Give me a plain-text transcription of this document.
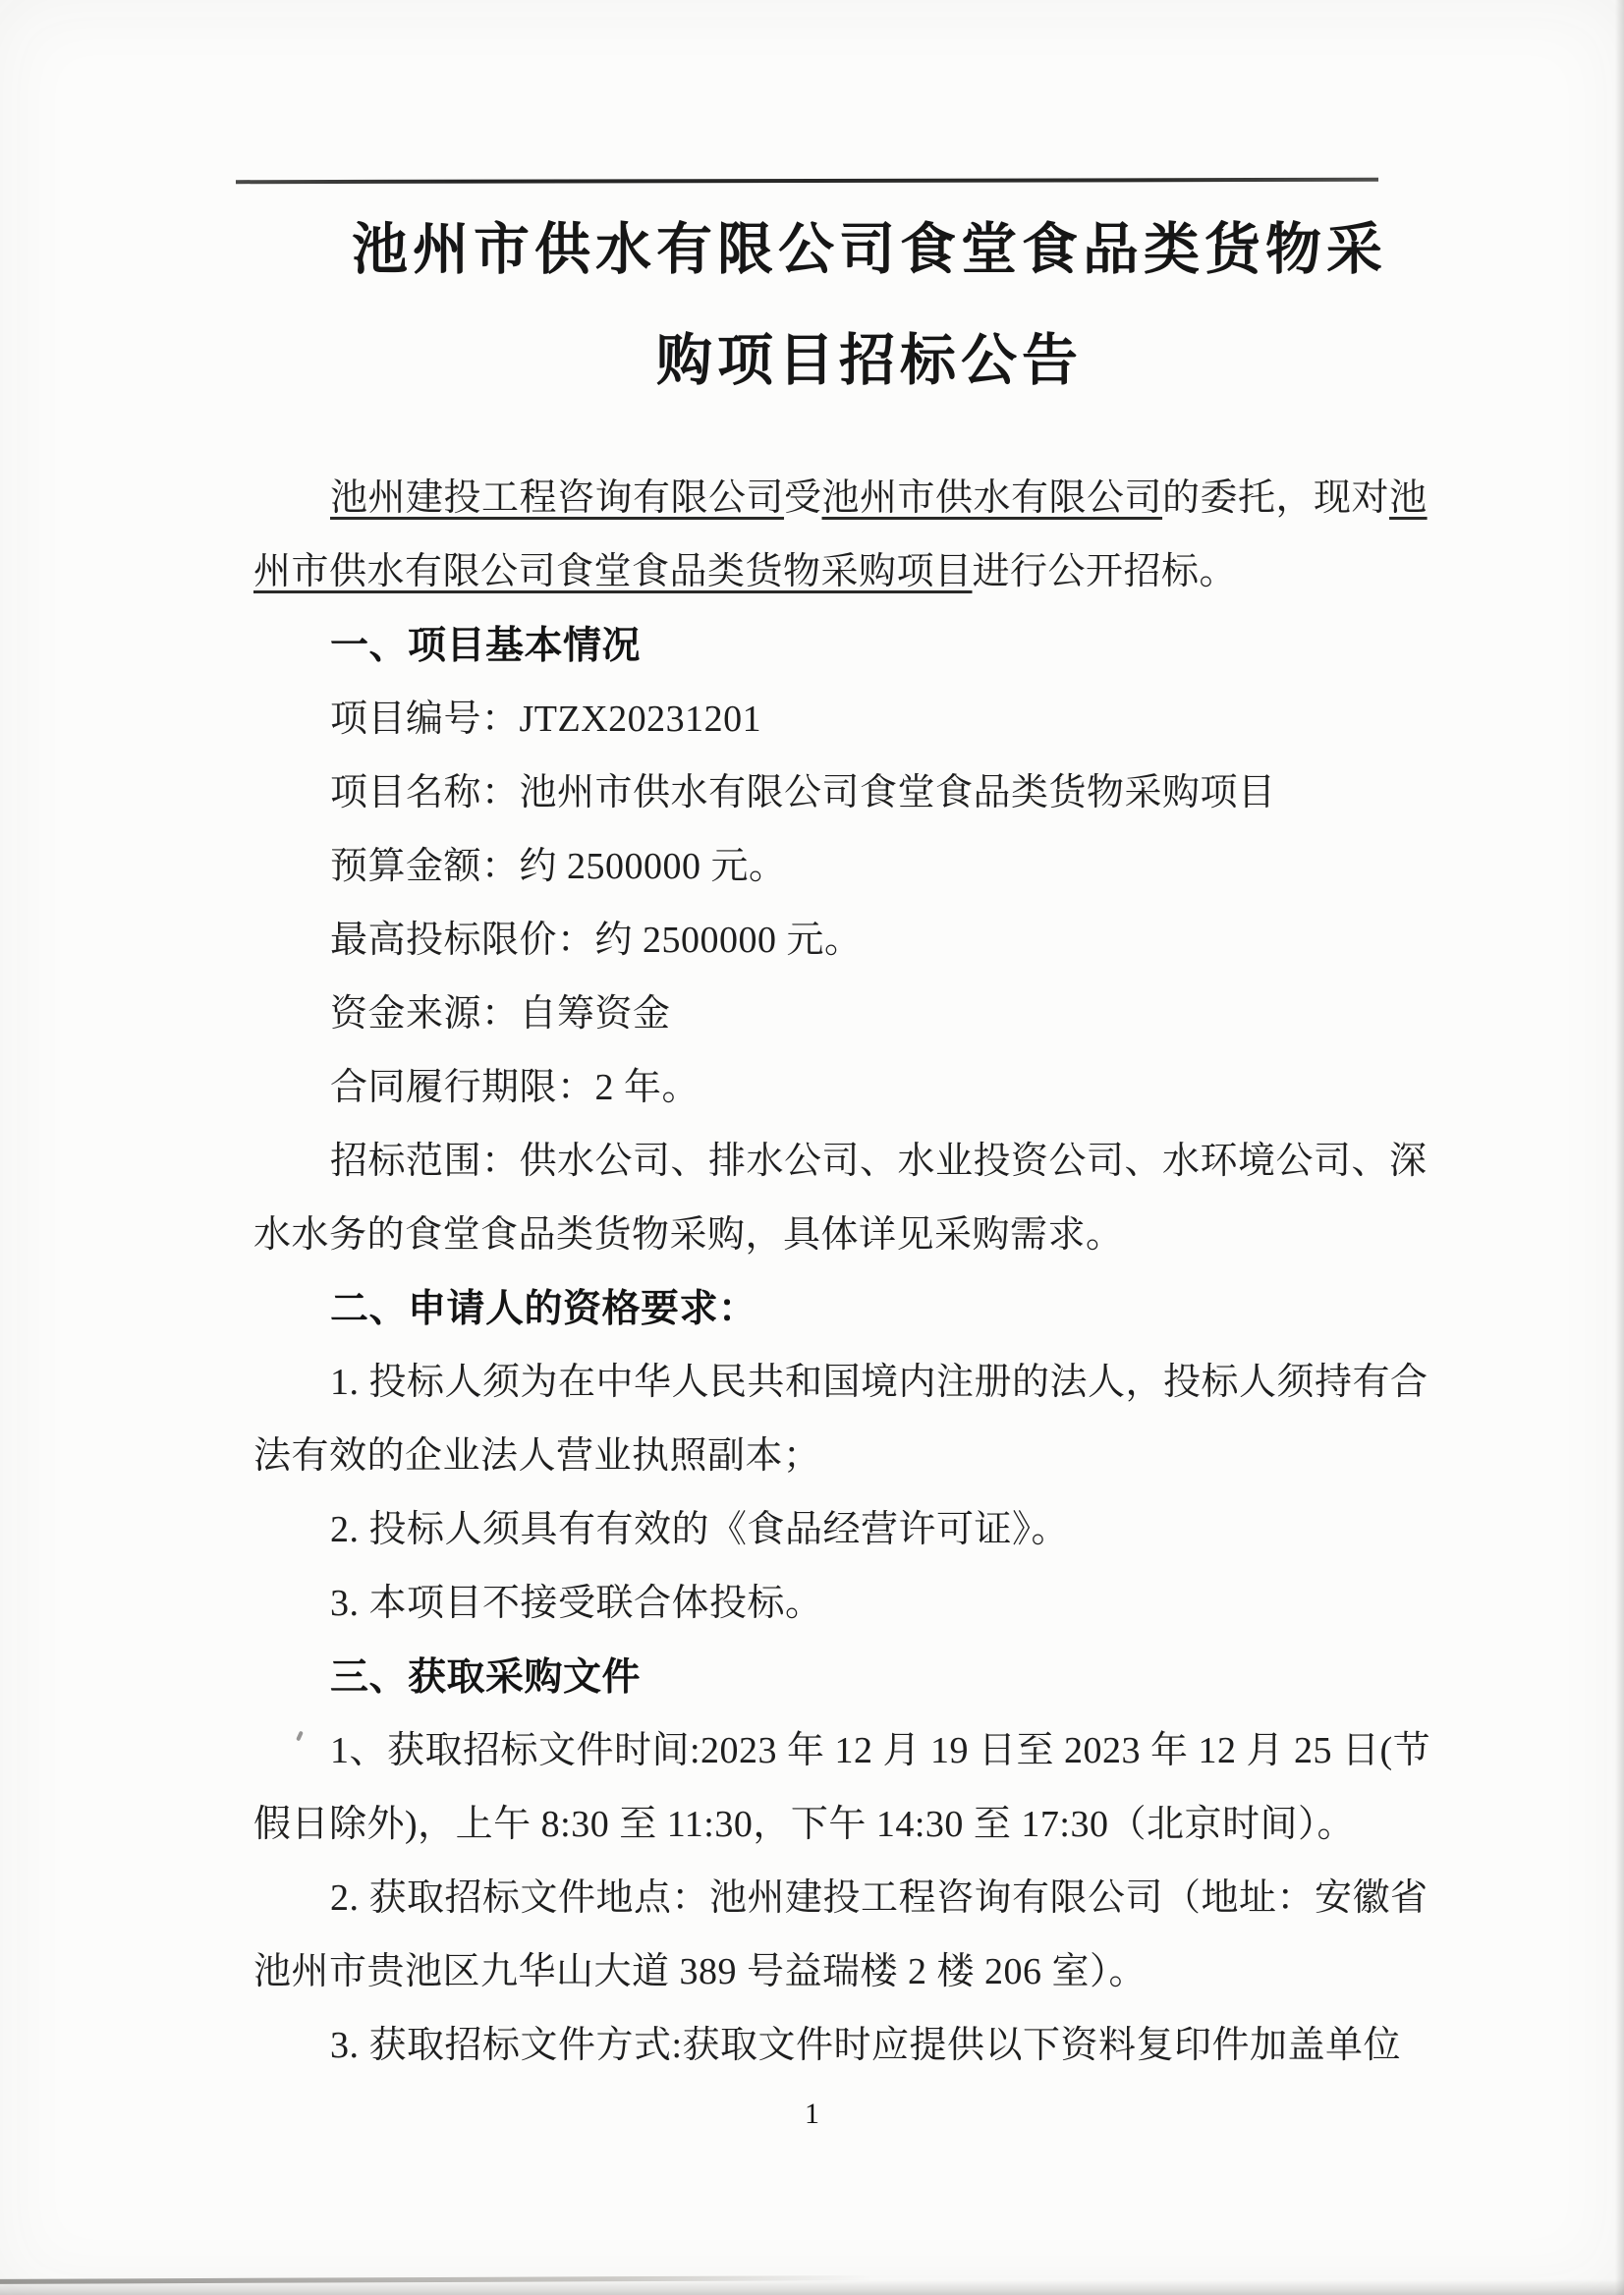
池州市供水有限公司食堂食品类货物采
购项目招标公告

池州建投工程咨询有限公司受池州市供水有限公司的委托，现对池

州市供水有限公司食堂食品类货物采购项目进行公开招标。

一、项目基本情况

项目编号：JTZX20231201

项目名称：池州市供水有限公司食堂食品类货物采购项目

预算金额：约 2500000 元。

最高投标限价：约 2500000 元。

资金来源：自筹资金

合同履行期限：2 年。

招标范围：供水公司、排水公司、水业投资公司、水环境公司、深

水水务的食堂食品类货物采购，具体详见采购需求。

二、申请人的资格要求：

1. 投标人须为在中华人民共和国境内注册的法人，投标人须持有合

法有效的企业法人营业执照副本；

2. 投标人须具有有效的《食品经营许可证》。

3. 本项目不接受联合体投标。

三、获取采购文件

1、获取招标文件时间:2023 年 12 月 19 日至 2023 年 12 月 25 日(节

假日除外)，上午 8:30 至 11:30，下午 14:30 至 17:30（北京时间）。

2. 获取招标文件地点：池州建投工程咨询有限公司（地址：安徽省

池州市贵池区九华山大道 389 号益瑞楼 2 楼 206 室）。

3. 获取招标文件方式:获取文件时应提供以下资料复印件加盖单位

1
